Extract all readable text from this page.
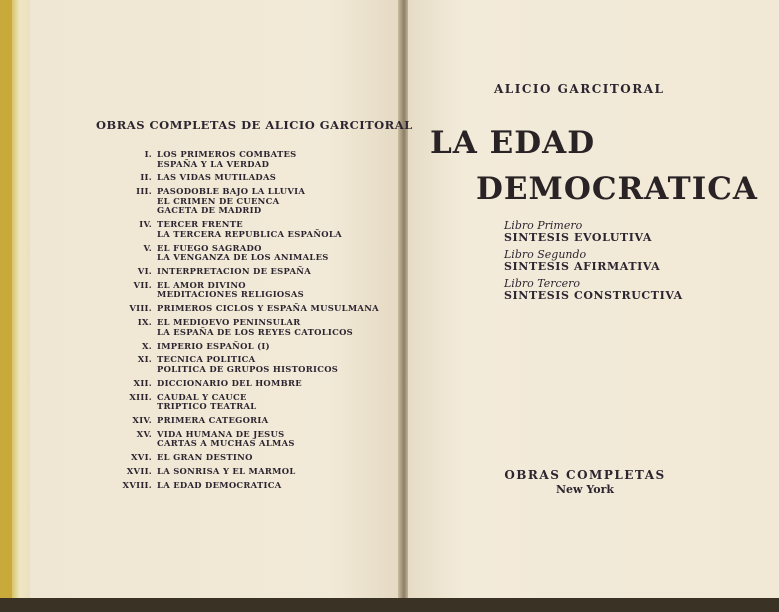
OBRAS COMPLETAS DE ALICIO GARCITORAL
I. LOS PRIMEROS COMBATES
ESPAÑA Y LA VERDAD
II. LAS VIDAS MUTILADAS
III. PASODOBLE BAJO LA LLUVIA
EL CRIMEN DE CUENCA
GACETA DE MADRID
IV. TERCER FRENTE
LA TERCERA REPUBLICA ESPAÑOLA
V. EL FUEGO SAGRADO
LA VENGANZA DE LOS ANIMALES
VI. INTERPRETACION DE ESPAÑA
VII. EL AMOR DIVINO
MEDITACIONES RELIGIOSAS
VIII. PRIMEROS CICLOS Y ESPAÑA MUSULMANA
IX. EL MEDIOEVO PENINSULAR
LA ESPAÑA DE LOS REYES CATOLICOS
X. IMPERIO ESPAÑOL (I)
XI. TECNICA POLITICA
POLITICA DE GRUPOS HISTORICOS
XII. DICCIONARIO DEL HOMBRE
XIII. CAUDAL Y CAUCE
TRIPTICO TEATRAL
XIV. PRIMERA CATEGORIA
XV. VIDA HUMANA DE JESUS
CARTAS A MUCHAS ALMAS
XVI. EL GRAN DESTINO
XVII. LA SONRISA Y EL MARMOL
XVIII. LA EDAD DEMOCRATICA
ALICIO GARCITORAL
LA EDAD
DEMOCRATICA
Libro Primero
SINTESIS EVOLUTIVA
Libro Segundo
SINTESIS AFIRMATIVA
Libro Tercero
SINTESIS CONSTRUCTIVA
OBRAS COMPLETAS
New York
